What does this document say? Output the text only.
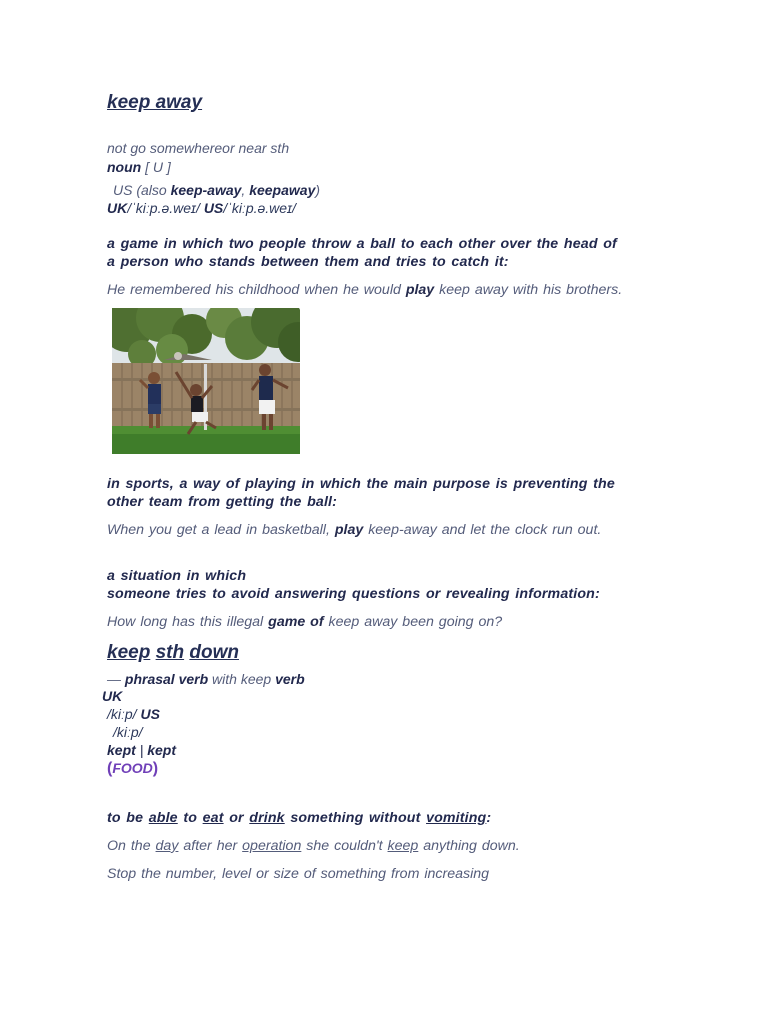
keep away
not go somewhereor near sth
noun [ U ]
US (also keep-away, keepaway)
UK/ˈkiːp.ə.weɪ/ US/ˈkiːp.ə.weɪ/
a game in which two people throw a ball to each other over the head of
a person who stands between them and tries to catch it:
He remembered his childhood when he would play keep away with his brothers.
in sports, a way of playing in which the main purpose is preventing the
other team from getting the ball:
When you get a lead in basketball, play keep-away and let the clock run out.
a situation in which
someone tries to avoid answering questions or revealing information:
How long has this illegal game of keep away been going on?
keep sth down
— phrasal verb with keep verb
UK
/kiːp/ US
/kiːp/
kept | kept
(FOOD)
to be able to eat or drink something without vomiting:
On the day after her operation she couldn't keep anything down.
Stop the number, level or size of something from increasing
